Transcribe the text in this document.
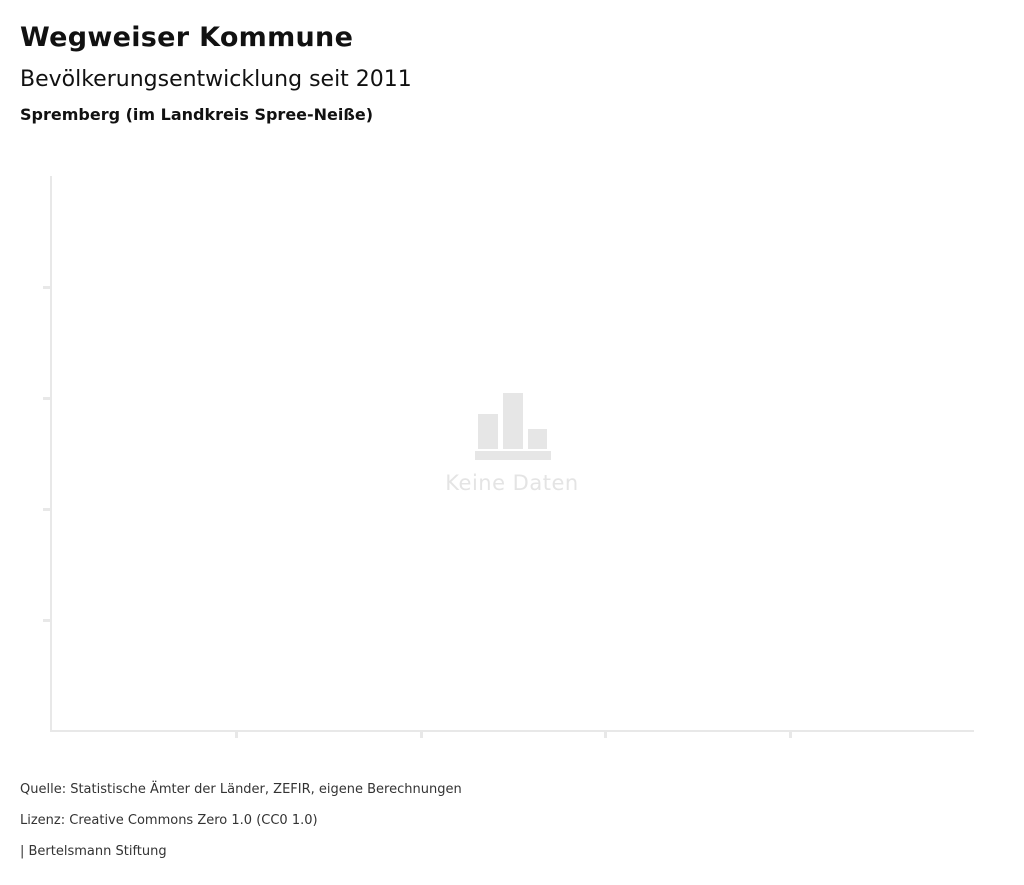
Wegweiser Kommune
Bevölkerungsentwicklung seit 2011
Spremberg (im Landkreis Spree-Neiße)
Keine Daten
Quelle: Statistische Ämter der Länder, ZEFIR, eigene Berechnungen
Lizenz: Creative Commons Zero 1.0 (CC0 1.0)
| Bertelsmann Stiftung
